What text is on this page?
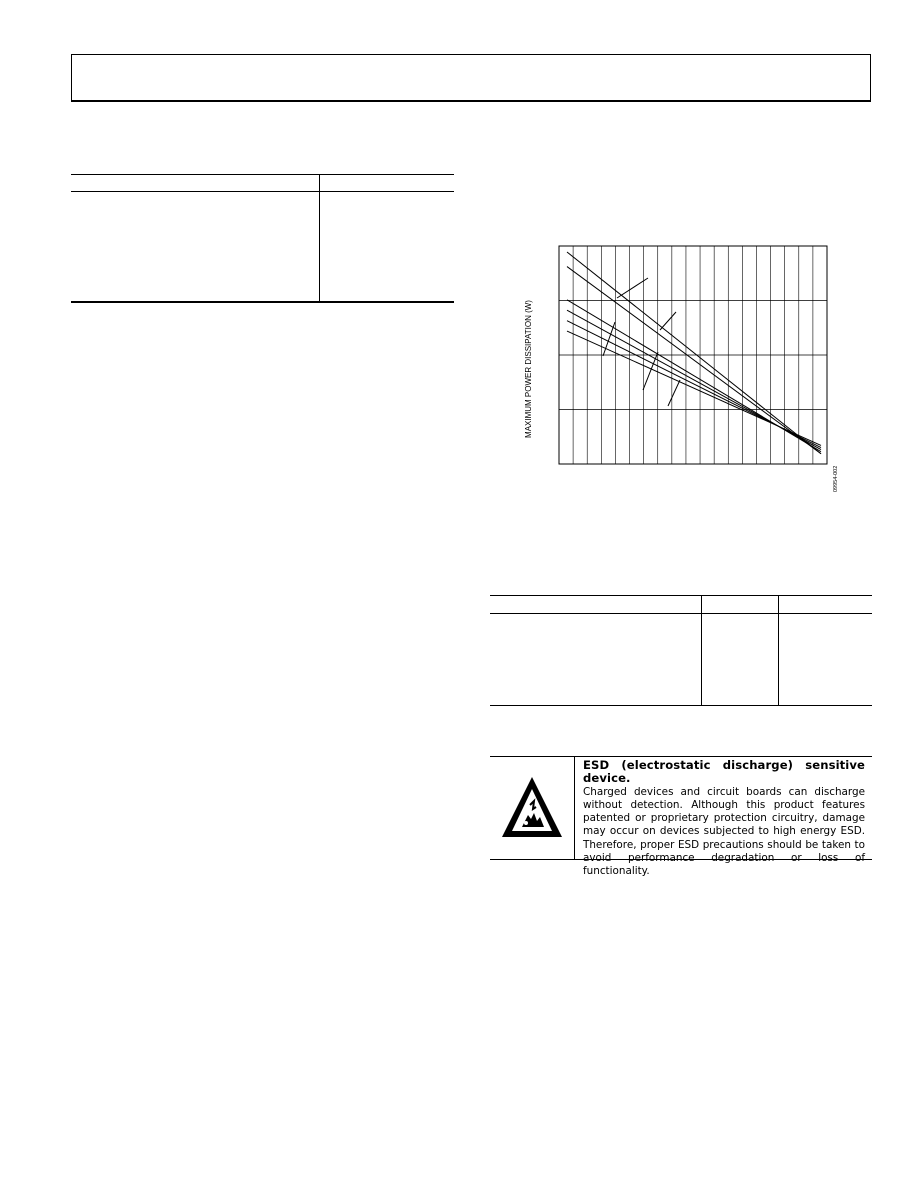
MAXIMUM POWER DISSIPATION (W)
09954-002
ESD (electrostatic discharge) sensitive device.
Charged devices and circuit boards can discharge without detection. Although this product features patented or proprietary protection circuitry, damage may occur on devices subjected to high energy ESD. Therefore, proper ESD precautions should be taken to avoid performance degradation or loss of functionality.
